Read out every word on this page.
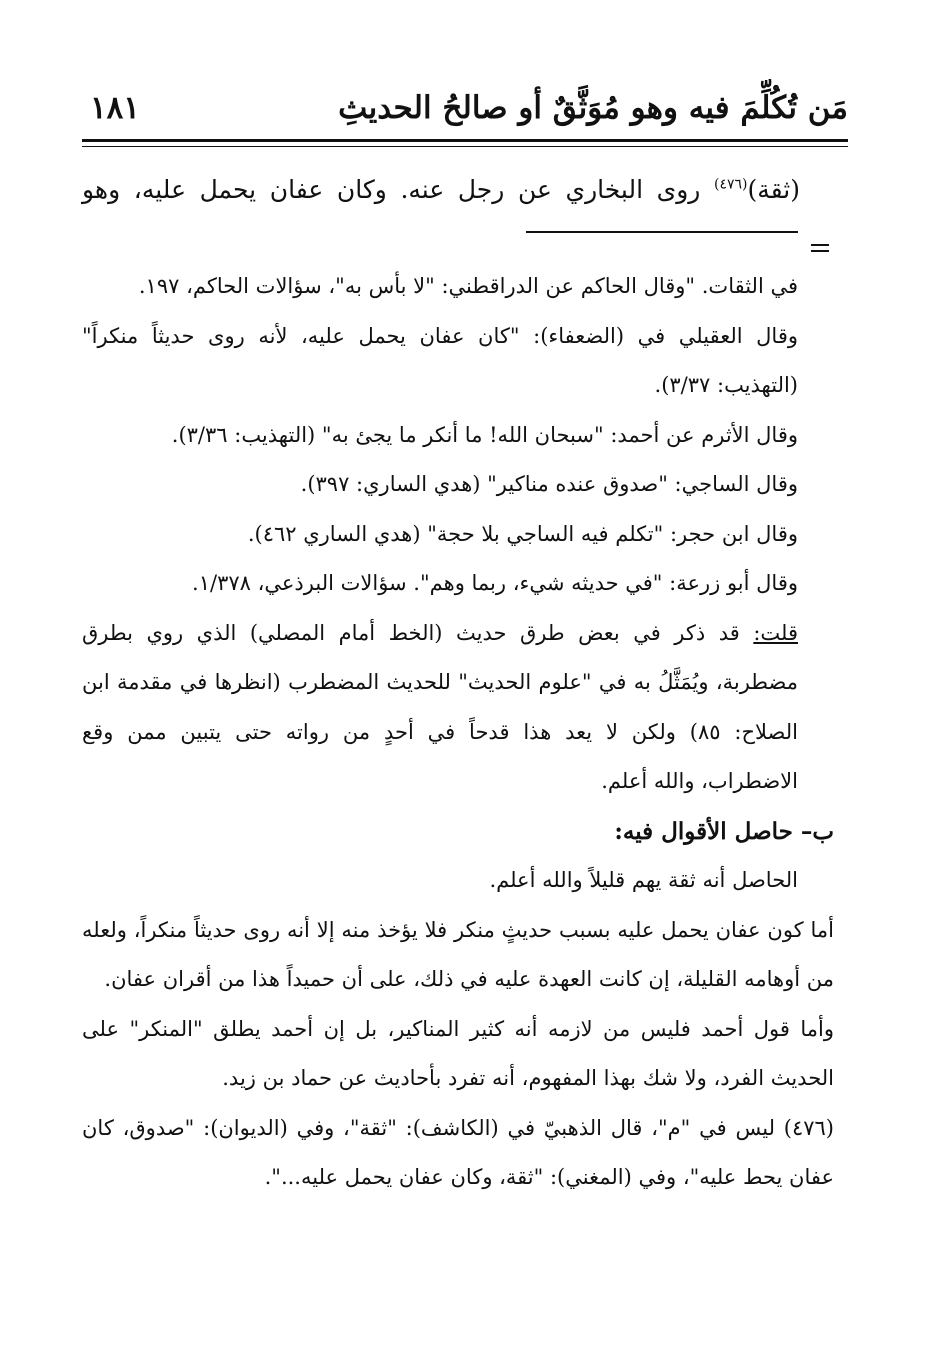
مَن تُكُلِّمَ فيه وهو مُوَثَّقٌ أو صالحُ الحديثِ
١٨١
(ثقة)$^{(٤٧٦)}$ روى البخاري عن رجل عنه. وكان عفان يحمل عليه، وهو

في الثقات. "وقال الحاكم عن الدراقطني: "لا بأس به"، سؤالات الحاكم، ١٩٧.

وقال العقيلي في (الضعفاء): "كان عفان يحمل عليه، لأنه روى حديثاً منكراً" (التهذيب: ٣/٣٧).

وقال الأثرم عن أحمد: "سبحان الله! ما أنكر ما يجئ به" (التهذيب: ٣/٣٦).

وقال الساجي: "صدوق عنده مناكير" (هدي الساري: ٣٩٧).

وقال ابن حجر: "تكلم فيه الساجي بلا حجة" (هدي الساري ٤٦٢).

وقال أبو زرعة: "في حديثه شيء، ربما وهم". سؤالات البرذعي، ١/٣٧٨.

قلت: قد ذكر في بعض طرق حديث (الخط أمام المصلي) الذي روي بطرق مضطربة، ويُمَثَّلُ به في "علوم الحديث" للحديث المضطرب (انظرها في مقدمة ابن الصلاح: ٨٥) ولكن لا يعد هذا قدحاً في أحدٍ من رواته حتى يتبين ممن وقع الاضطراب، والله أعلم.

ب– حاصل الأقوال فيه:

الحاصل أنه ثقة يهم قليلاً والله أعلم.

أما كون عفان يحمل عليه بسبب حديثٍ منكر فلا يؤخذ منه إلا أنه روى حديثاً منكراً، ولعله من أوهامه القليلة، إن كانت العهدة عليه في ذلك، على أن حميداً هذا من أقران عفان.

وأما قول أحمد فليس من لازمه أنه كثير المناكير، بل إن أحمد يطلق "المنكر" على الحديث الفرد، ولا شك بهذا المفهوم، أنه تفرد بأحاديث عن حماد بن زيد.

(٤٧٦) ليس في "م"، قال الذهبيّ في (الكاشف): "ثقة"، وفي (الديوان): "صدوق، كان عفان يحط عليه"، وفي (المغني): "ثقة، وكان عفان يحمل عليه...".
